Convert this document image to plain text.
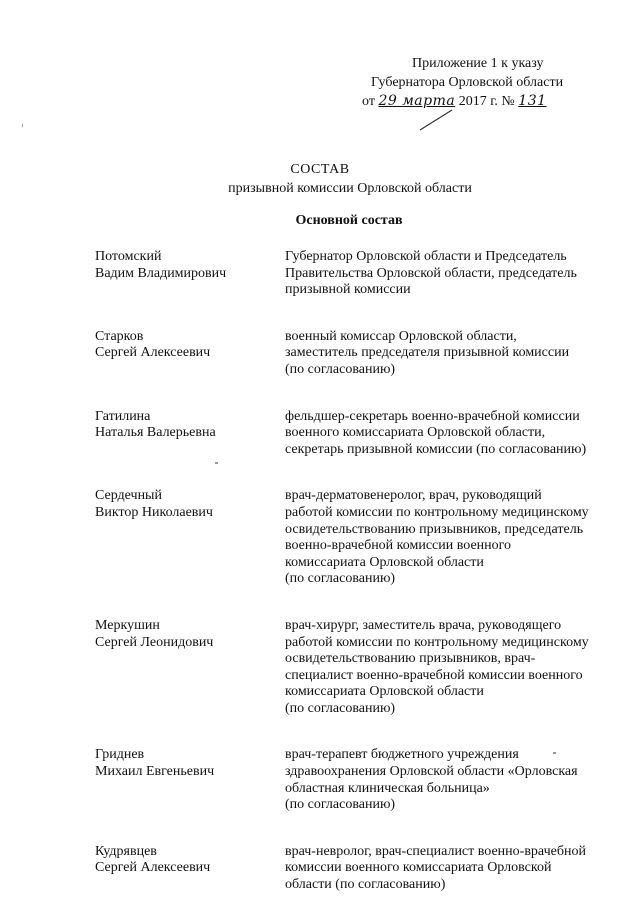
Приложение 1 к указу
Губернатора Орловской области
от 29 марта 2017 г. № 131
СОСТАВ
призывной комиссии Орловской области
Основной состав
Потомский
Вадим Владимирович
Губернатор Орловской области и Председатель
Правительства Орловской области, председатель
призывной комиссии
Старков
Сергей Алексеевич
военный комиссар Орловской области,
заместитель председателя призывной комиссии
(по согласованию)
Гатилина
Наталья Валерьевна
фельдшер-секретарь военно-врачебной комиссии
военного комиссариата Орловской области,
секретарь призывной комиссии (по согласованию)
Сердечный
Виктор Николаевич
врач-дерматовенеролог, врач, руководящий
работой комиссии по контрольному медицинскому
освидетельствованию призывников, председатель
военно-врачебной комиссии военного
комиссариата Орловской области
(по согласованию)
Меркушин
Сергей Леонидович
врач-хирург, заместитель врача, руководящего
работой комиссии по контрольному медицинскому
освидетельствованию призывников, врач-
специалист военно-врачебной комиссии военного
комиссариата Орловской области
(по согласованию)
Гриднев
Михаил Евгеньевич
врач-терапевт бюджетного учреждения
здравоохранения Орловской области «Орловская
областная клиническая больница»
(по согласованию)
Кудрявцев
Сергей Алексеевич
врач-невролог, врач-специалист военно-врачебной
комиссии военного комиссариата Орловской
области (по согласованию)
